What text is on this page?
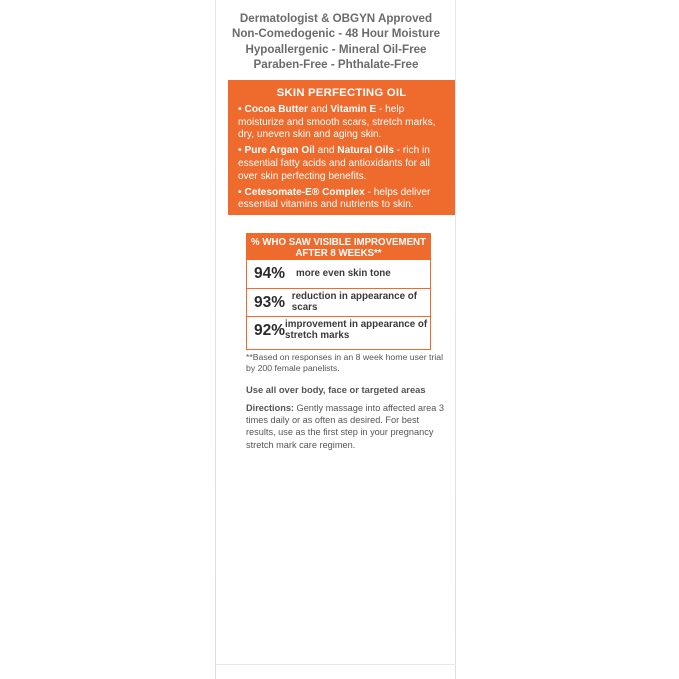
Dermatologist & OBGYN Approved
Non-Comedogenic - 48 Hour Moisture
Hypoallergenic - Mineral Oil-Free
Paraben-Free - Phthalate-Free
SKIN PERFECTING OIL
• Cocoa Butter and Vitamin E - help moisturize and smooth scars, stretch marks, dry, uneven skin and aging skin.
• Pure Argan Oil and Natural Oils - rich in essential fatty acids and antioxidants for all over skin perfecting benefits.
• Cetesomate-E® Complex - helps deliver essential vitamins and nutrients to skin.
% WHO SAW VISIBLE IMPROVEMENT AFTER 8 WEEKS**
94%	more even skin tone
93% reduction in appearance of scars
92% improvement in appearance of stretch marks
**Based on responses in an 8 week home user trial by 200 female panelists.
Use all over body, face or targeted areas
Directions: Gently massage into affected area 3 times daily or as often as desired. For best results, use as the first step in your pregnancy stretch mark care regimen.
